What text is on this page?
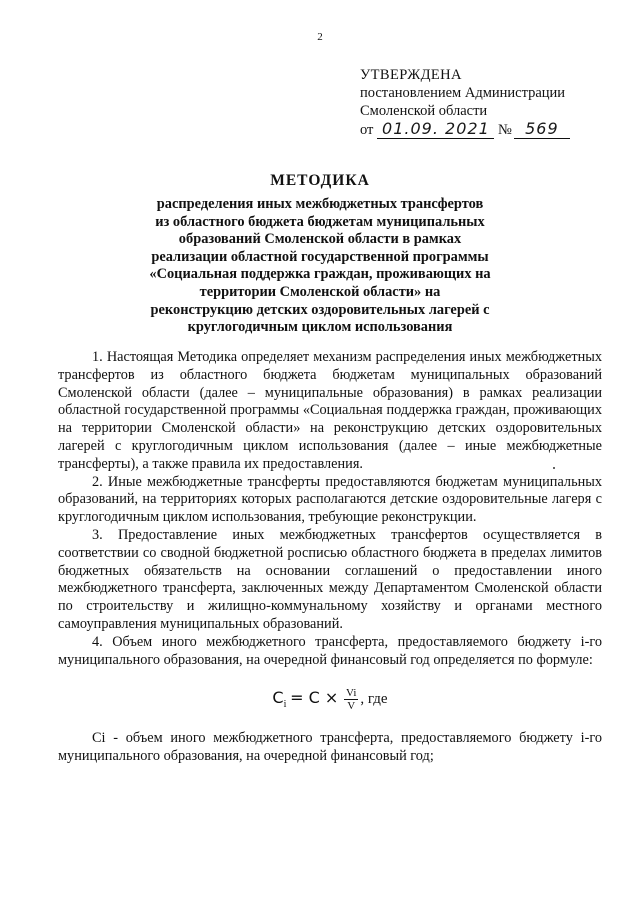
2
УТВЕРЖДЕНА
постановлением Администрации
Смоленской области
от 01.09. 2021 № 569
МЕТОДИКА
распределения иных межбюджетных трансфертов
из областного бюджета бюджетам муниципальных
образований Смоленской области в рамках
реализации областной государственной программы
«Социальная поддержка граждан, проживающих на
территории Смоленской области» на
реконструкцию детских оздоровительных лагерей с
круглогодичным циклом использования

1. Настоящая Методика определяет механизм распределения иных межбюджетных трансфертов из областного бюджета бюджетам муниципальных образований Смоленской области (далее – муниципальные образования) в рамках реализации областной государственной программы «Социальная поддержка граждан, проживающих на территории Смоленской области» на реконструкцию детских оздоровительных лагерей с круглогодичным циклом использования (далее – иные межбюджетные трансферты), а также правила их предоставления.

2. Иные межбюджетные трансферты предоставляются бюджетам муниципальных образований, на территориях которых располагаются детские оздоровительные лагеря с круглогодичным циклом использования, требующие реконструкции.

3. Предоставление иных межбюджетных трансфертов осуществляется в соответствии со сводной бюджетной росписью областного бюджета в пределах лимитов бюджетных обязательств на основании соглашений о предоставлении иного межбюджетного трансферта, заключенных между Департаментом Смоленской области по строительству и жилищно-коммунальному хозяйству и органами местного самоуправления муниципальных образований.

4. Объем иного межбюджетного трансферта, предоставляемого бюджету i-го муниципального образования, на очередной финансовый год определяется по формуле:

$C_i = C \times \frac{Vi}{V}$ , где

Ci - объем иного межбюджетного трансферта, предоставляемого бюджету i-го муниципального образования, на очередной финансовый год;
